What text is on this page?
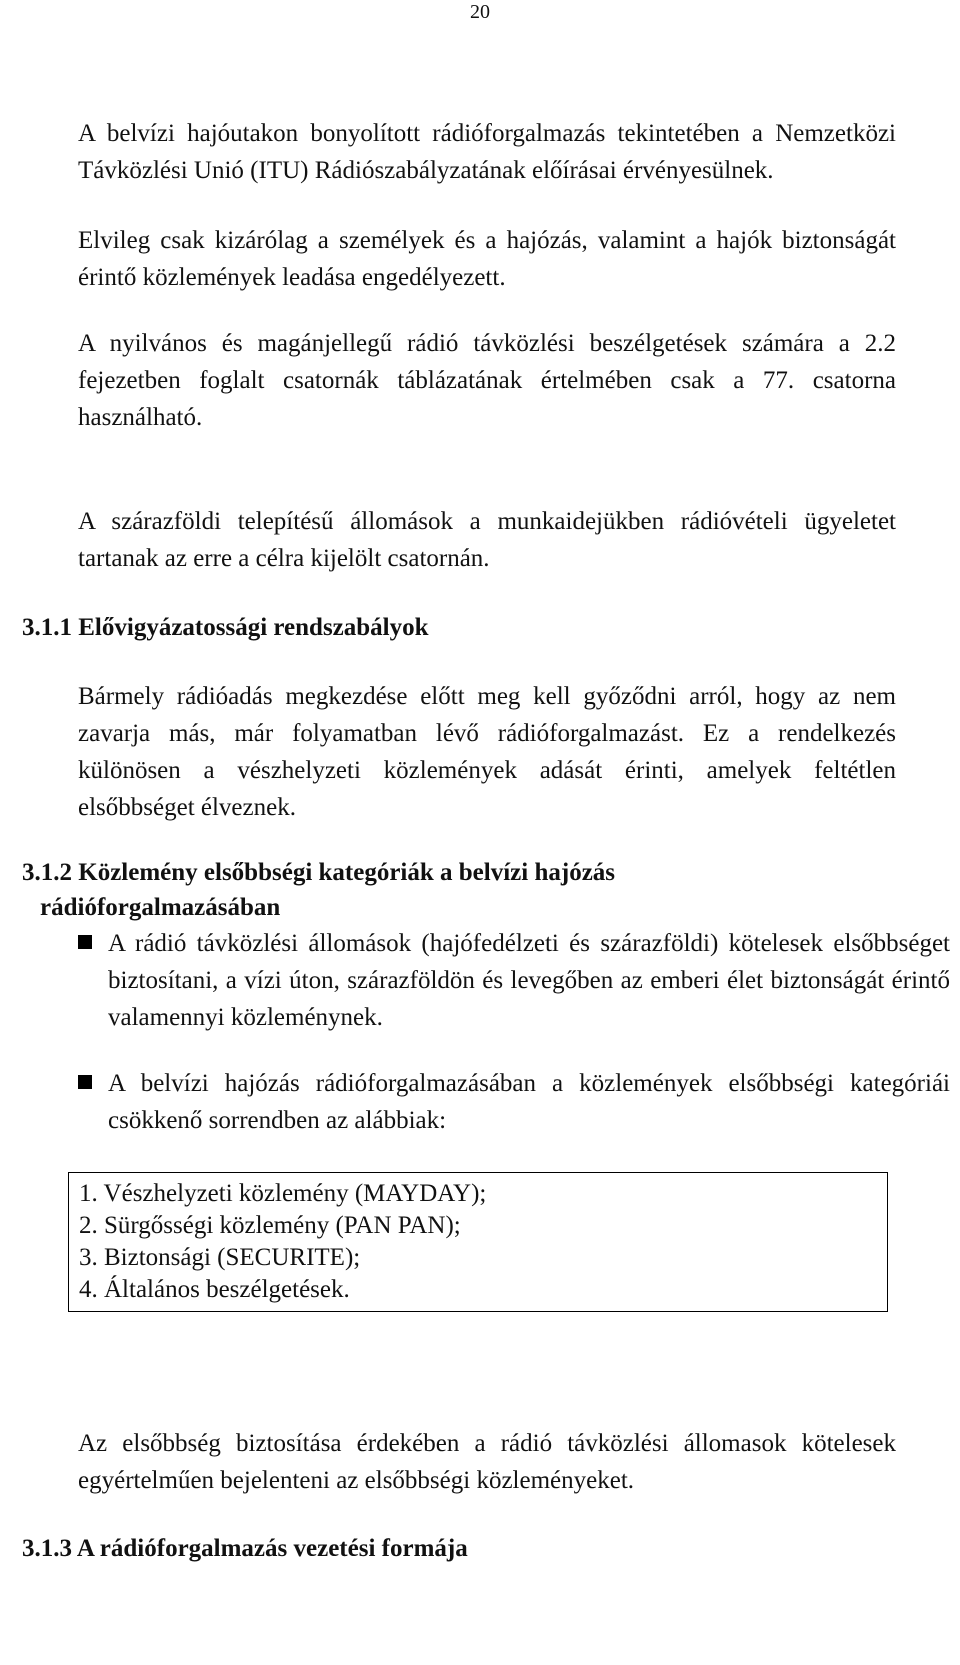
20

A belvízi hajóutakon bonyolított rádióforgalmazás tekintetében a Nemzetközi Távközlési Unió (ITU) Rádiószabályzatának előírásai érvényesülnek.

Elvileg csak kizárólag a személyek és a hajózás, valamint a hajók biztonságát érintő közlemények leadása engedélyezett.

A nyilvános és magánjellegű rádió távközlési beszélgetések számára a 2.2 fejezetben foglalt csatornák táblázatának értelmében csak a 77. csatorna használható.

A szárazföldi telepítésű állomások a munkaidejükben rádióvételi ügyeletet tartanak az erre a célra kijelölt csatornán.

3.1.1 Elővigyázatossági rendszabályok

Bármely rádióadás megkezdése előtt meg kell győződni arról, hogy az nem zavarja más, már folyamatban lévő rádióforgalmazást. Ez a rendelkezés különösen a vészhelyzeti közlemények adását érinti, amelyek feltétlen elsőbbséget élveznek.

3.1.2 Közlemény elsőbbségi kategóriák a belvízi hajózás
rádióforgalmazásában

A rádió távközlési állomások (hajófedélzeti és szárazföldi) kötelesek elsőbbséget biztosítani, a vízi úton, szárazföldön és levegőben az emberi élet biztonságát érintő valamennyi közleménynek.

A belvízi hajózás rádióforgalmazásában a közlemények elsőbbségi kategóriái csökkenő sorrendben az alábbiak:

1. Vészhelyzeti közlemény (MAYDAY);
2. Sürgősségi közlemény (PAN PAN);
3. Biztonsági (SECURITE);
4. Általános beszélgetések.

Az elsőbbség biztosítása érdekében a rádió távközlési állomasok kötelesek egyértelműen bejelenteni az elsőbbségi közleményeket.

3.1.3 A rádióforgalmazás vezetési formája
